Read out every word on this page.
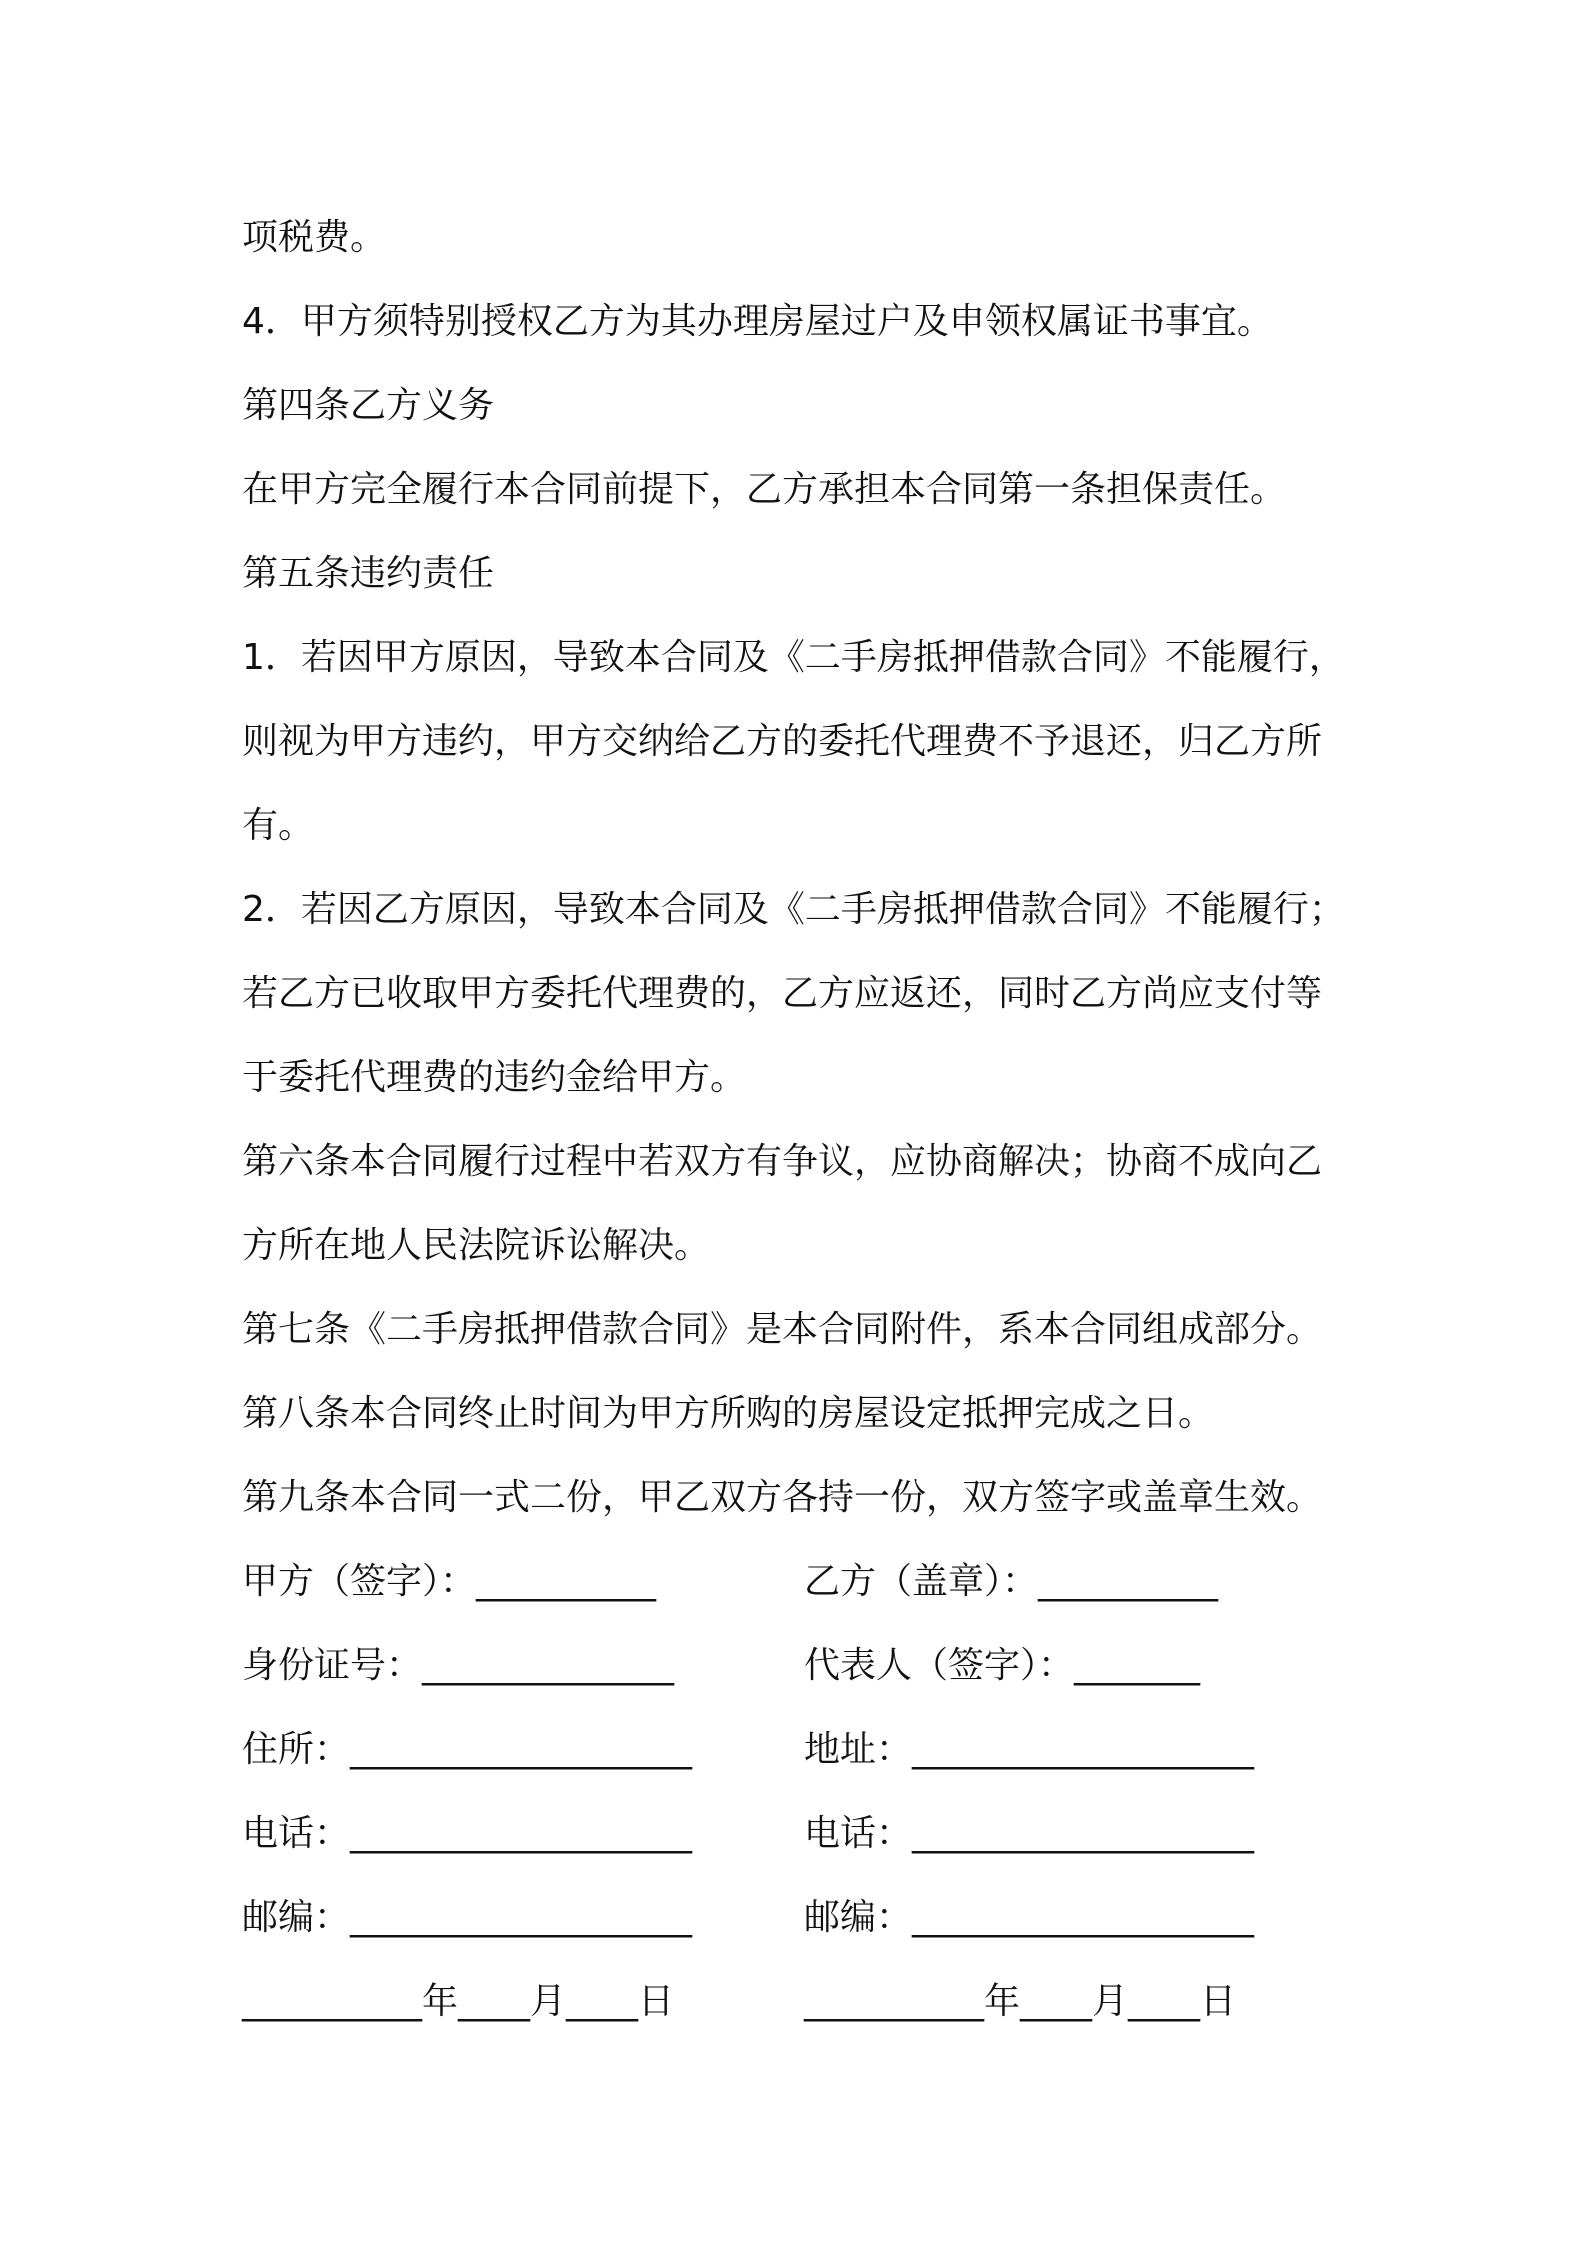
项税费。
4．甲方须特别授权乙方为其办理房屋过户及申领权属证书事宜。
第四条乙方义务
在甲方完全履行本合同前提下，乙方承担本合同第一条担保责任。
第五条违约责任
1．若因甲方原因，导致本合同及《二手房抵押借款合同》不能履行，
则视为甲方违约，甲方交纳给乙方的委托代理费不予退还，归乙方所
有。
2．若因乙方原因，导致本合同及《二手房抵押借款合同》不能履行；
若乙方已收取甲方委托代理费的，乙方应返还，同时乙方尚应支付等
于委托代理费的违约金给甲方。
第六条本合同履行过程中若双方有争议，应协商解决；协商不成向乙
方所在地人民法院诉讼解决。
第七条《二手房抵押借款合同》是本合同附件，系本合同组成部分。
第八条本合同终止时间为甲方所购的房屋设定抵押完成之日。
第九条本合同一式二份，甲乙双方各持一份，双方签字或盖章生效。
甲方（签字）：__________	乙方（盖章）：__________
身份证号：______________	代表人（签字）：_______
住所：___________________	地址：___________________
电话：___________________	电话：___________________
邮编：___________________	邮编：___________________
__________年____月____日	__________年____月____日
